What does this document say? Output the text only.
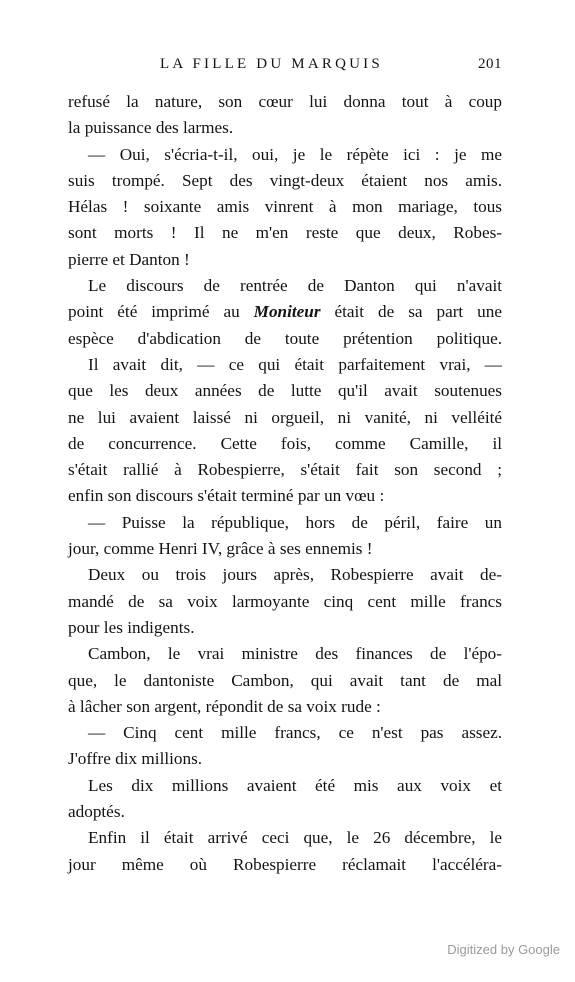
LA FILLE DU MARQUIS	201
refusé la nature, son cœur lui donna tout à coup
la puissance des larmes.
— Oui, s'écria-t-il, oui, je le répète ici : je me
suis trompé. Sept des vingt-deux étaient nos amis.
Hélas ! soixante amis vinrent à mon mariage, tous
sont morts ! Il ne m'en reste que deux, Robes-
pierre et Danton !
Le discours de rentrée de Danton qui n'avait
point été imprimé au Moniteur était de sa part une
espèce d'abdication de toute prétention politique.
Il avait dit, — ce qui était parfaitement vrai, —
que les deux années de lutte qu'il avait soutenues
ne lui avaient laissé ni orgueil, ni vanité, ni velléité
de concurrence. Cette fois, comme Camille, il
s'était rallié à Robespierre, s'était fait son second ;
enfin son discours s'était terminé par un vœu :
— Puisse la république, hors de péril, faire un
jour, comme Henri IV, grâce à ses ennemis !
Deux ou trois jours après, Robespierre avait de-
mandé de sa voix larmoyante cinq cent mille francs
pour les indigents.
Cambon, le vrai ministre des finances de l'épo-
que, le dantoniste Cambon, qui avait tant de mal
à lâcher son argent, répondit de sa voix rude :
— Cinq cent mille francs, ce n'est pas assez.
J'offre dix millions.
Les dix millions avaient été mis aux voix et
adoptés.
Enfin il était arrivé ceci que, le 26 décembre, le
jour même où Robespierre réclamait l'accéléra-
Digitized by Google
